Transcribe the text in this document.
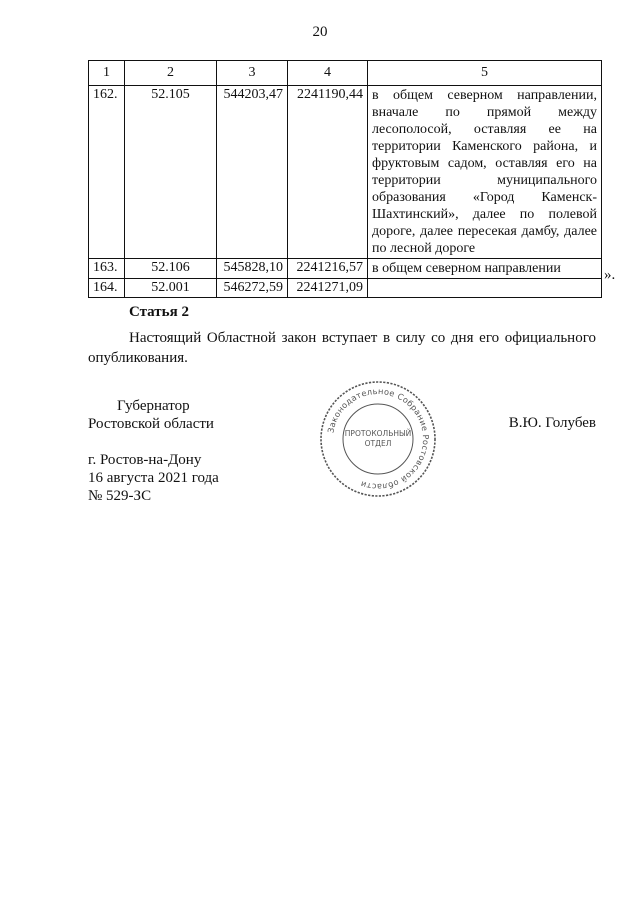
20
1	2	3	4	5
162.	52.105	544203,47	2241190,44	в общем северном направлении, вначале по прямой между лесополосой, оставляя ее на территории Каменского района, и фруктовым садом, оставляя его на территории муниципального образования «Город Каменск-Шахтинский», далее по полевой дороге, далее пересекая дамбу, далее по лесной дороге
163.	52.106	545828,10	2241216,57	в общем северном направлении
164.	52.001	546272,59	2241271,09	
».
Статья 2

Настоящий Областной закон вступает в силу со дня его официального опубликования.

Губернатор
Ростовской области	В.Ю. Голубев
г. Ростов-на-Дону
16 августа 2021 года
№ 529-ЗС
Законодательное Собрание Ростовской области
ПРОТОКОЛЬНЫЙ
ОТДЕЛ
